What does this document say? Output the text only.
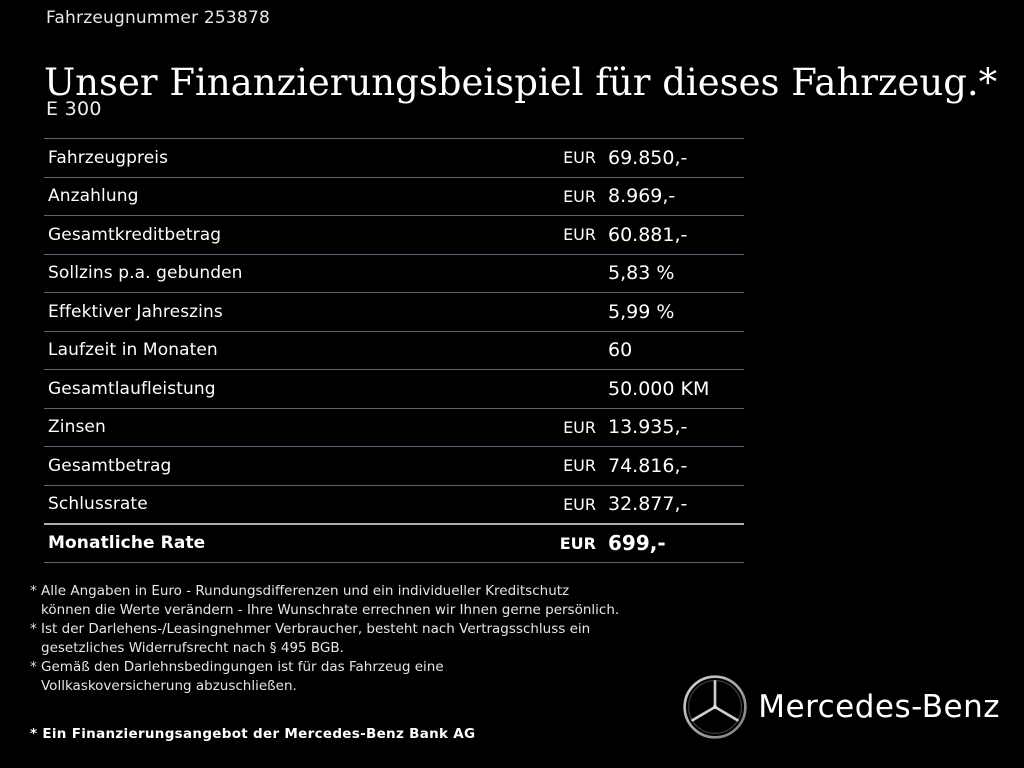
Fahrzeugnummer 253878
Unser Finanzierungsbeispiel für dieses Fahrzeug.*
E 300
Fahrzeugpreis	EUR	69.850,-
Anzahlung	EUR	8.969,-
Gesamtkreditbetrag	EUR	60.881,-
Sollzins p.a. gebunden		5,83 %
Effektiver Jahreszins		5,99 %
Laufzeit in Monaten		60
Gesamtlaufleistung		50.000 KM
Zinsen	EUR	13.935,-
Gesamtbetrag	EUR	74.816,-
Schlussrate	EUR	32.877,-
Monatliche Rate	EUR	699,-

* Alle Angaben in Euro - Rundungsdifferenzen und ein individueller Kreditschutz
können die Werte verändern - Ihre Wunschrate errechnen wir Ihnen gerne persönlich.

* Ist der Darlehens-/Leasingnehmer Verbraucher, besteht nach Vertragsschluss ein
gesetzliches Widerrufsrecht nach § 495 BGB.

* Gemäß den Darlehnsbedingungen ist für das Fahrzeug eine
Vollkaskoversicherung abzuschließen.

* Ein Finanzierungsangebot der Mercedes-Benz Bank AG
Mercedes-Benz
